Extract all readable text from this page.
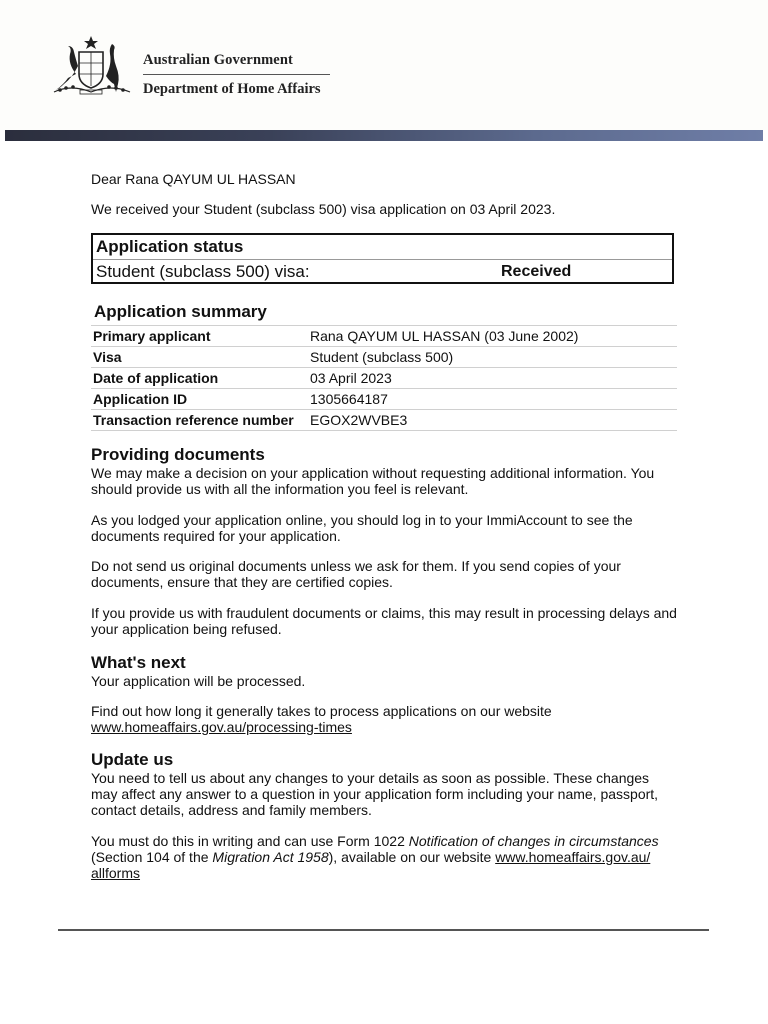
Australian Government
Department of Home Affairs
Dear Rana QAYUM UL HASSAN
We received your Student (subclass 500) visa application on 03 April 2023.
Application status
Student (subclass 500) visa:	Received
Application summary
Primary applicant	Rana QAYUM UL HASSAN (03 June 2002)
Visa	Student (subclass 500)
Date of application	03 April 2023
Application ID	1305664187
Transaction reference number	EGOX2WVBE3
Providing documents
We may make a decision on your application without requesting additional information. You should provide us with all the information you feel is relevant.
As you lodged your application online, you should log in to your ImmiAccount to see the documents required for your application.
Do not send us original documents unless we ask for them. If you send copies of your documents, ensure that they are certified copies.
If you provide us with fraudulent documents or claims, this may result in processing delays and your application being refused.
What's next
Your application will be processed.
Find out how long it generally takes to process applications on our website
www.homeaffairs.gov.au/processing-times
Update us
You need to tell us about any changes to your details as soon as possible. These changes may affect any answer to a question in your application form including your name, passport, contact details, address and family members.
You must do this in writing and can use Form 1022 Notification of changes in circumstances
(Section 104 of the Migration Act 1958), available on our website www.homeaffairs.gov.au/
allforms
